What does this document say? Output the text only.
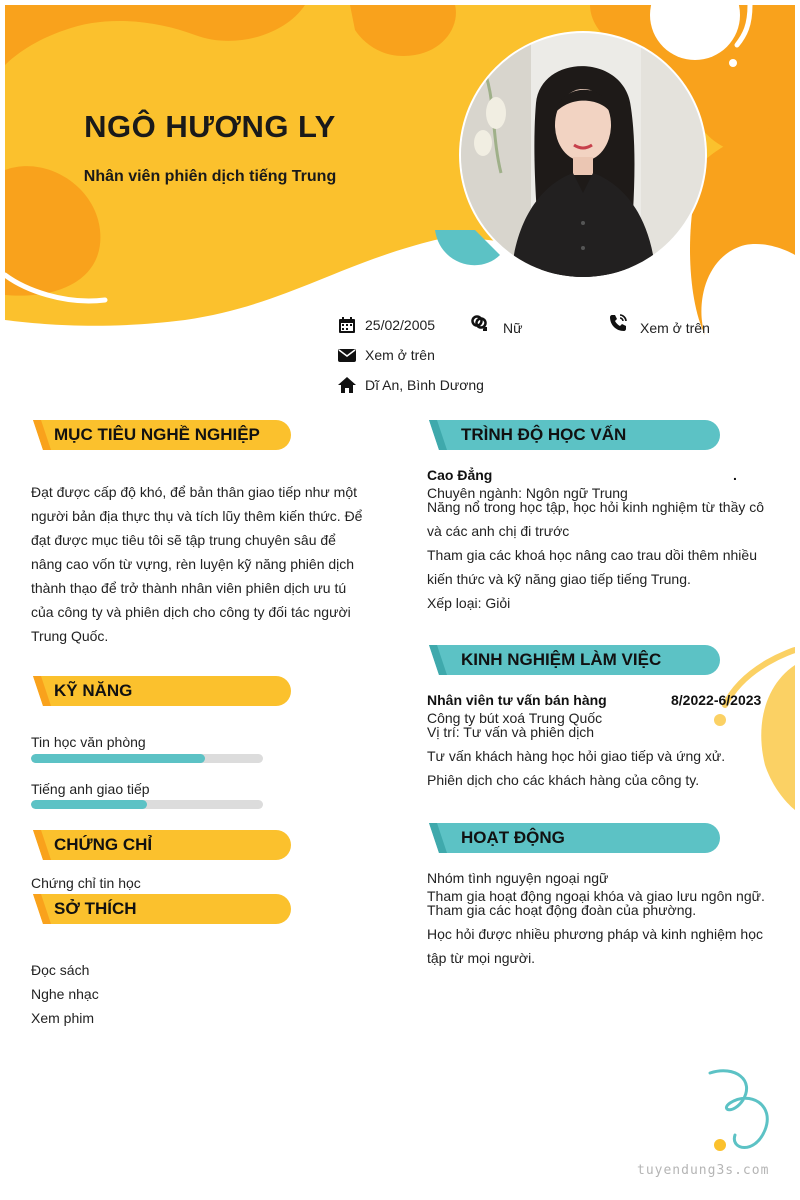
NGÔ HƯƠNG LY
Nhân viên phiên dịch tiếng Trung
25/02/2005	Nữ	Xem ở trên
Xem ở trên
Dĩ An, Bình Dương
MỤC TIÊU NGHỀ NGHIỆP
Đạt được cấp độ khó, để bản thân giao tiếp như một
người bản địa thực thụ và tích lũy thêm kiến thức. Để
đạt được mục tiêu tôi sẽ tập trung chuyên sâu để
nâng cao vốn từ vựng, rèn luyện kỹ năng phiên dịch
thành thạo để trở thành nhân viên phiên dịch ưu tú
của công ty và phiên dịch cho công ty đối tác người
Trung Quốc.
KỸ NĂNG
Tin học văn phòng
Tiếng anh giao tiếp
CHỨNG CHỈ
Chứng chỉ tin học
SỞ THÍCH
Đọc sách
Nghe nhạc
Xem phim
TRÌNH ĐỘ HỌC VẤN
Cao Đẳng	.
Chuyên ngành: Ngôn ngữ Trung
Năng nổ trong học tập, học hỏi kinh nghiệm từ thầy cô
và các anh chị đi trước
Tham gia các khoá học nâng cao trau dồi thêm nhiều
kiến thức và kỹ năng giao tiếp tiếng Trung.
Xếp loại: Giỏi
KINH NGHIỆM LÀM VIỆC
Nhân viên tư vấn bán hàng	8/2022-6/2023
Công ty bút xoá Trung Quốc
Vị trí: Tư vấn và phiên dịch
Tư vấn khách hàng học hỏi giao tiếp và ứng xử.
Phiên dịch cho các khách hàng của công ty.
HOẠT ĐỘNG
Nhóm tình nguyện ngoại ngữ
Tham gia hoạt động ngoại khóa và giao lưu ngôn ngữ.
Tham gia các hoạt động đoàn của phường.
Học hỏi được nhiều phương pháp và kinh nghiệm học
tập từ mọi người.
tuyendung3s.com
